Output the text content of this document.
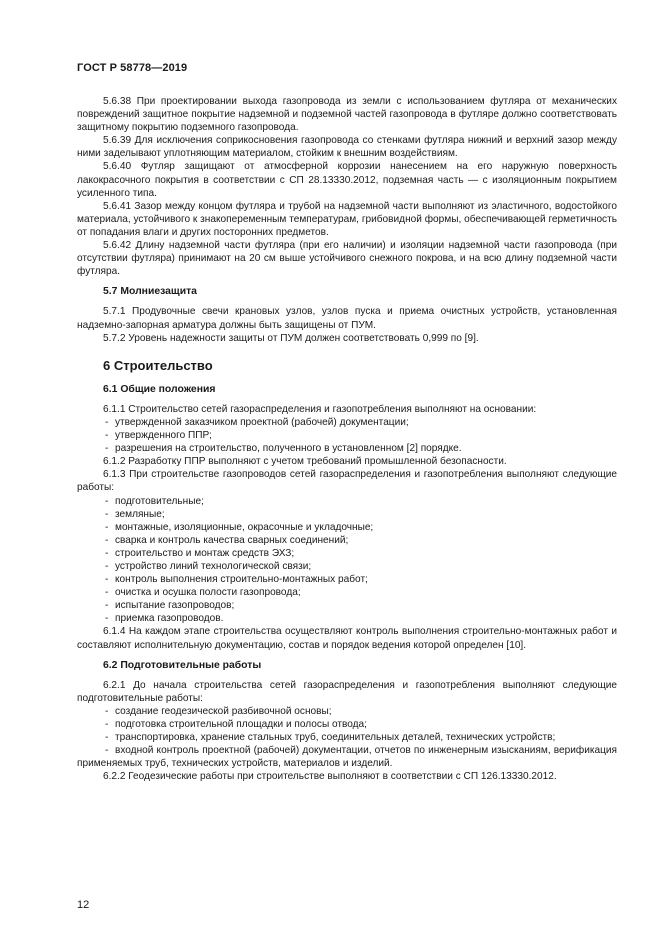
ГОСТ Р 58778—2019

5.6.38 При проектировании выхода газопровода из земли с использованием футляра от механических повреждений защитное покрытие надземной и подземной частей газопровода в футляре должно соответствовать защитному покрытию подземного газопровода.

5.6.39 Для исключения соприкосновения газопровода со стенками футляра нижний и верхний зазор между ними заделывают уплотняющим материалом, стойким к внешним воздействиям.

5.6.40 Футляр защищают от атмосферной коррозии нанесением на его наружную поверхность лакокрасочного покрытия в соответствии с СП 28.13330.2012, подземная часть — с изоляционным покрытием усиленного типа.

5.6.41 Зазор между концом футляра и трубой на надземной части выполняют из эластичного, водостойкого материала, устойчивого к знакопеременным температурам, грибовидной формы, обеспечивающей герметичность от попадания влаги и других посторонних предметов.

5.6.42 Длину надземной части футляра (при его наличии) и изоляции надземной части газопровода (при отсутствии футляра) принимают на 20 см выше устойчивого снежного покрова, и на всю длину подземной части футляра.

5.7 Молниезащита

5.7.1 Продувочные свечи крановых узлов, узлов пуска и приема очистных устройств, установленная надземно-запорная арматура должны быть защищены от ПУМ.

5.7.2 Уровень надежности защиты от ПУМ должен соответствовать 0,999 по [9].

6 Строительство
6.1 Общие положения

6.1.1 Строительство сетей газораспределения и газопотребления выполняют на основании:

- утвержденной заказчиком проектной (рабочей) документации;

- утвержденного ППР;

- разрешения на строительство, полученного в установленном [2] порядке.

6.1.2 Разработку ППР выполняют с учетом требований промышленной безопасности.

6.1.3 При строительстве газопроводов сетей газораспределения и газопотребления выполняют следующие работы:

- подготовительные;

- земляные;

- монтажные, изоляционные, окрасочные и укладочные;

- сварка и контроль качества сварных соединений;

- строительство и монтаж средств ЭХЗ;

- устройство линий технологической связи;

- контроль выполнения строительно-монтажных работ;

- очистка и осушка полости газопровода;

- испытание газопроводов;

- приемка газопроводов.

6.1.4 На каждом этапе строительства осуществляют контроль выполнения строительно-монтажных работ и составляют исполнительную документацию, состав и порядок ведения которой определен [10].

6.2 Подготовительные работы

6.2.1 До начала строительства сетей газораспределения и газопотребления выполняют следующие подготовительные работы:

- создание геодезической разбивочной основы;

- подготовка строительной площадки и полосы отвода;

- транспортировка, хранение стальных труб, соединительных деталей, технических устройств;

- входной контроль проектной (рабочей) документации, отчетов по инженерным изысканиям, верификация применяемых труб, технических устройств, материалов и изделий.

6.2.2 Геодезические работы при строительстве выполняют в соответствии с СП 126.13330.2012.

12
